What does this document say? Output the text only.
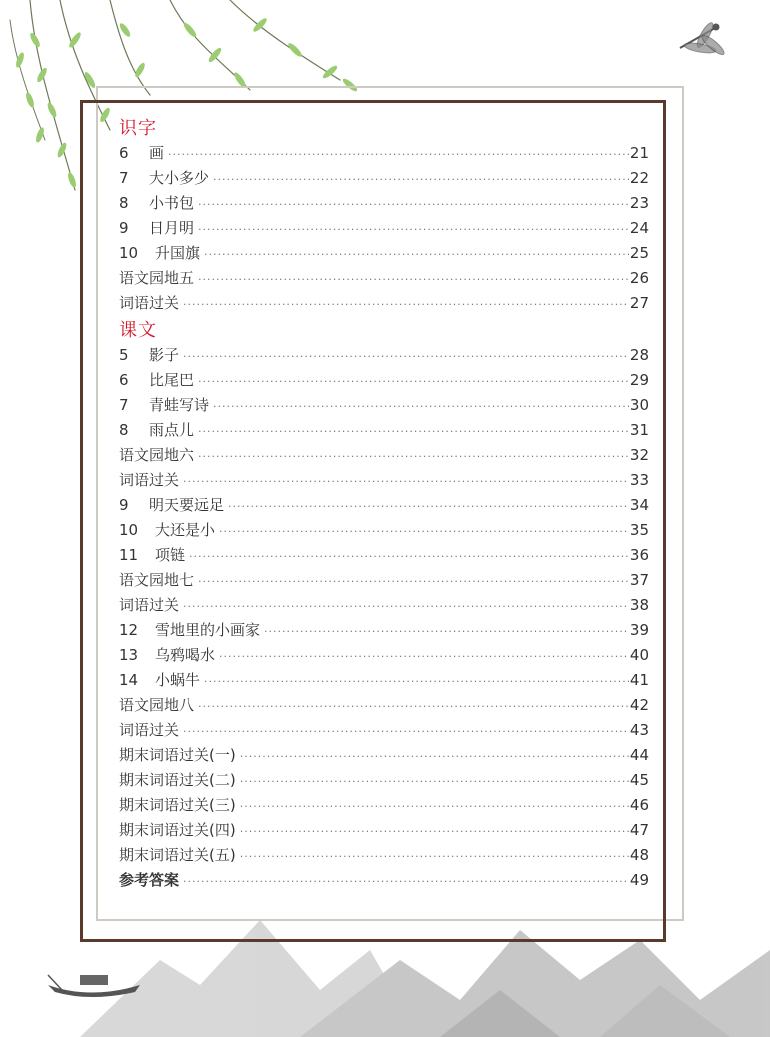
识字
6	画 ·····	21
7	大小多少 ·····	22
8	小书包 ·····	23
9	日月明 ·····	24
10	升国旗 ·····	25
语文园地五 ·····	26
词语过关 ·····	27
课文
5	影子 ·····	28
6	比尾巴 ·····	29
7	青蛙写诗 ·····	30
8	雨点儿 ·····	31
语文园地六 ·····	32
词语过关 ·····	33
9	明天要远足 ·····	34
10	大还是小 ·····	35
11	项链 ·····	36
语文园地七 ·····	37
词语过关 ·····	38
12	雪地里的小画家 ·····	39
13	乌鸦喝水 ·····	40
14	小蜗牛 ·····	41
语文园地八 ·····	42
词语过关 ·····	43
期末词语过关(一) ·····	44
期末词语过关(二) ·····	45
期末词语过关(三) ·····	46
期末词语过关(四) ·····	47
期末词语过关(五) ·····	48
参考答案 ·····	49
